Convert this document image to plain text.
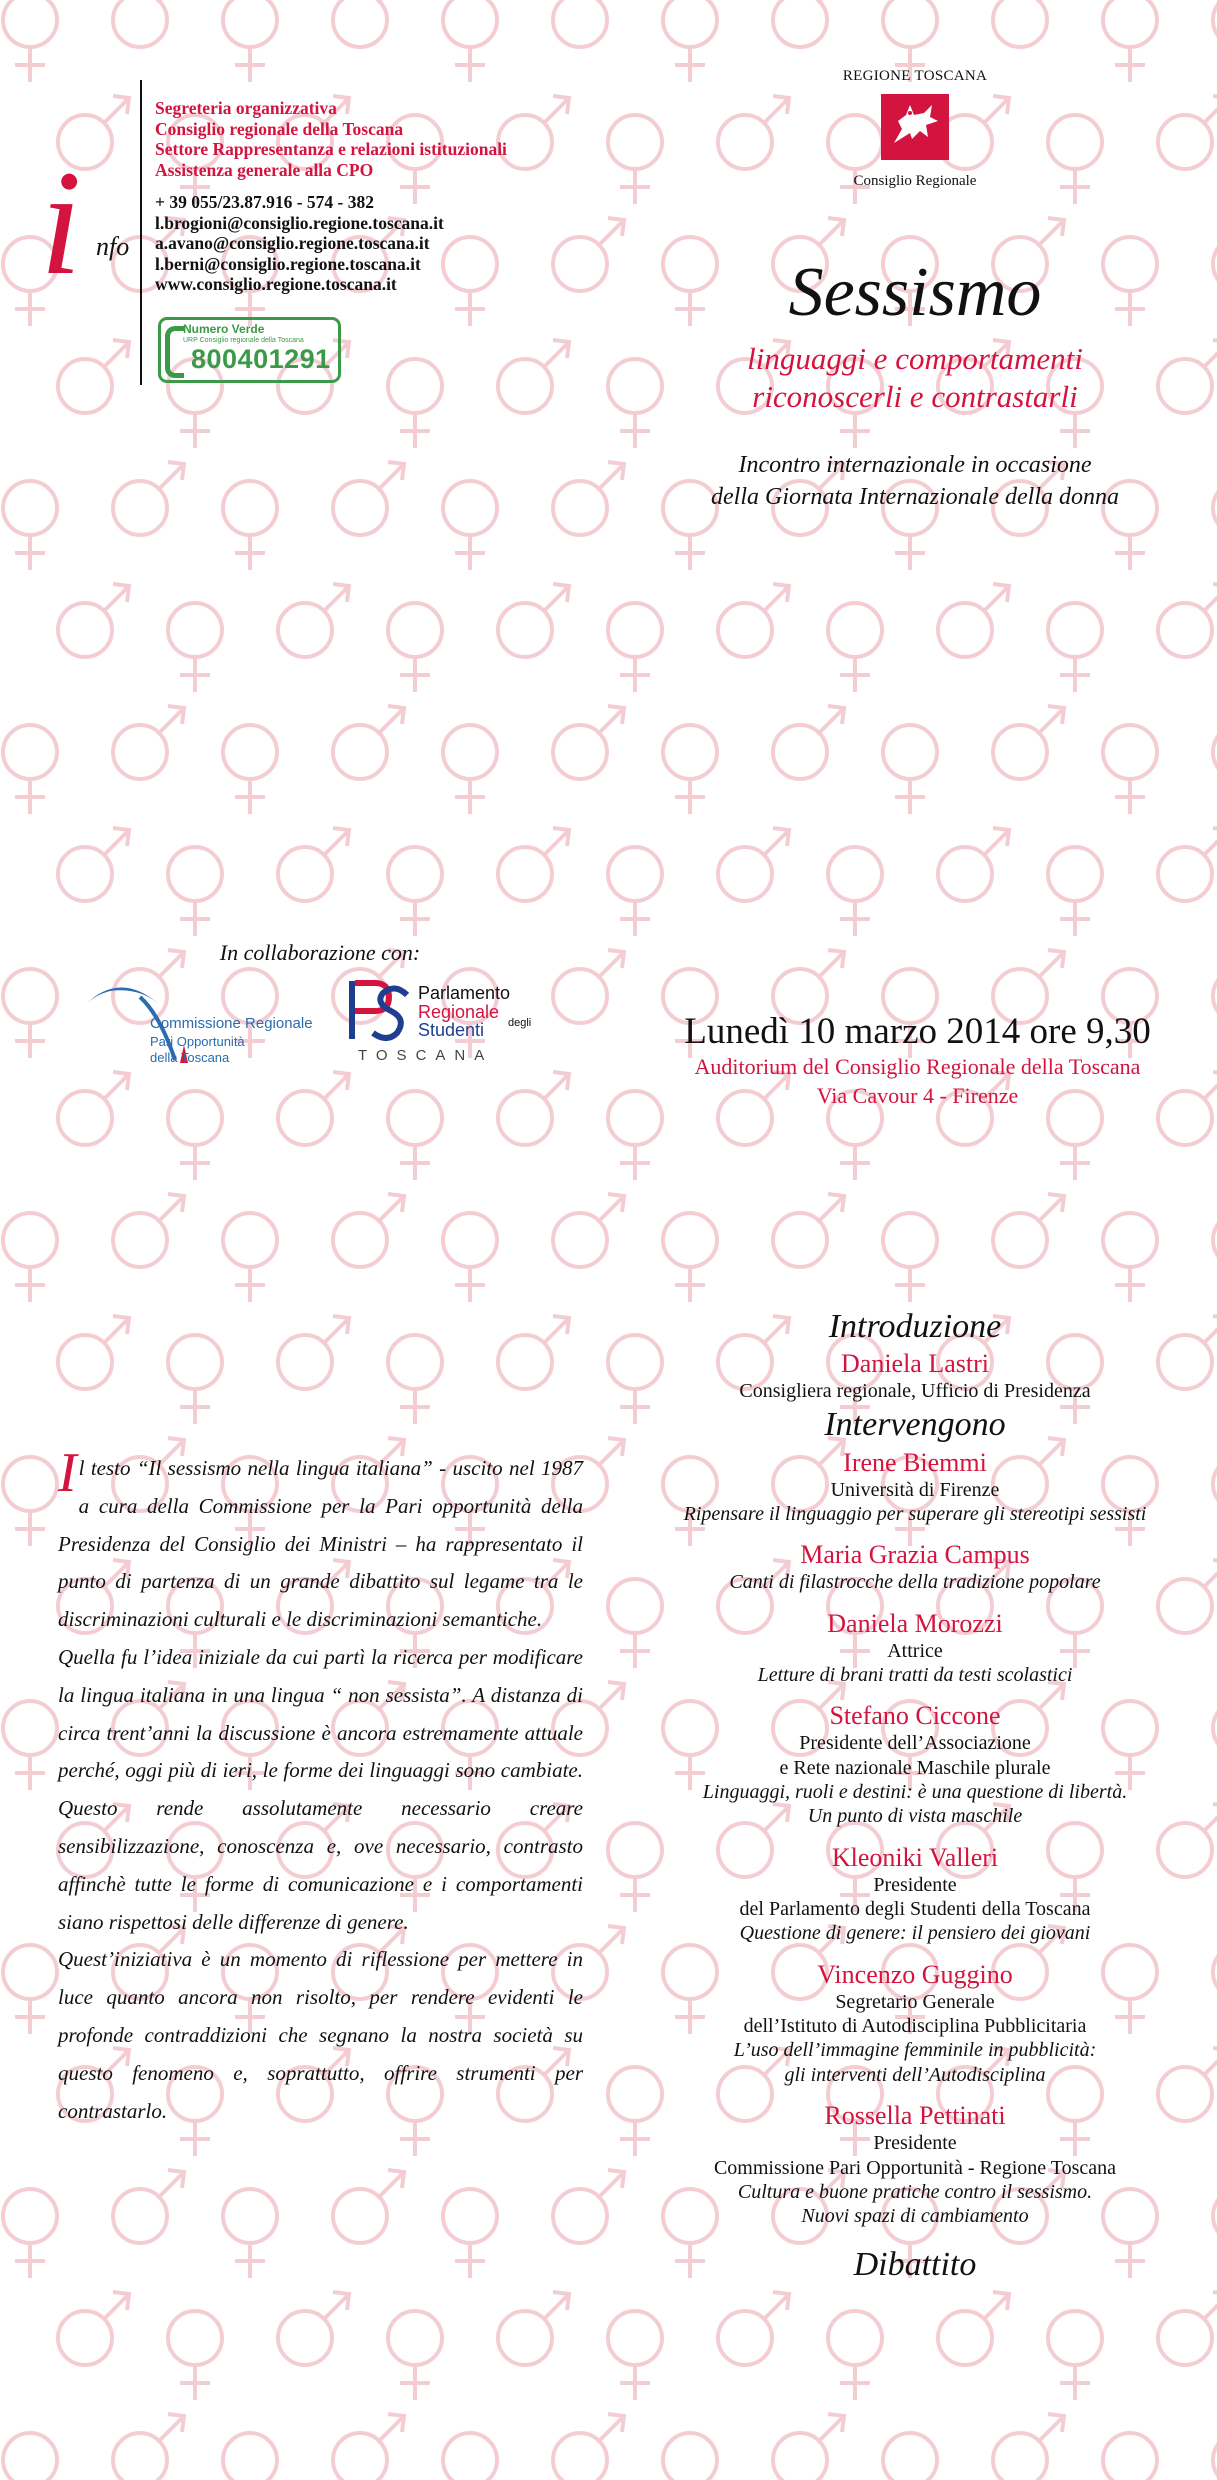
i nfo
Segreteria organizzativa
Consiglio regionale della Toscana
Settore Rappresentanza e relazioni istituzionali
Assistenza generale alla CPO
+ 39 055/23.87.916 - 574 - 382
l.brogioni@consiglio.regione.toscana.it
a.avano@consiglio.regione.toscana.it
l.berni@consiglio.regione.toscana.it
www.consiglio.regione.toscana.it
Numero Verde
URP Consiglio regionale della Toscana
800401291
REGIONE TOSCANA
Consiglio Regionale
Sessismo
linguaggi e comportamenti
riconoscerli e contrastarli
Incontro internazionale in occasione
della Giornata Internazionale della donna
In collaborazione con:
Commissione Regionale
Pari Opportunità
della Toscana
Parlamento
Regionale
degli
Studenti
TOSCANA
Lunedì 10 marzo 2014 ore 9,30
Auditorium del Consiglio Regionale della Toscana
Via Cavour 4 - Firenze

Il testo “Il sessismo nella lingua italiana” - uscito nel 1987 a cura della Commissione per la Pari opportunità della Presidenza del Consiglio dei Ministri – ha rappresentato il punto di partenza di un grande dibattito sul legame tra le discriminazioni culturali e le discriminazioni semantiche.

Quella fu l’idea iniziale da cui partì la ricerca per modificare la lingua italiana in una lingua “ non sessista”. A distanza di circa trent’anni la discussione è ancora estremamente attuale perché, oggi più di ieri, le forme dei linguaggi sono cambiate. Questo rende assolutamente necessario creare sensibilizzazione, conoscenza e, ove necessario, contrasto affinchè tutte le forme di comunicazione e i comportamenti siano rispettosi delle differenze di genere.

Quest’iniziativa è un momento di riflessione per mettere in luce quanto ancora non risolto, per rendere evidenti le profonde contraddizioni che segnano la nostra società su questo fenomeno e, soprattutto, offrire strumenti per contrastarlo.

Introduzione

Daniela Lastri

Consigliera regionale, Ufficio di Presidenza

Intervengono

Irene Biemmi

Università di Firenze

Ripensare il linguaggio per superare gli stereotipi sessisti

Maria Grazia Campus

Canti di filastrocche della tradizione popolare

Daniela Morozzi

Attrice

Letture di brani tratti da testi scolastici

Stefano Ciccone

Presidente dell’Associazione

e Rete nazionale Maschile plurale

Linguaggi, ruoli e destini: è una questione di libertà.

Un punto di vista maschile

Kleoniki Valleri

Presidente

del Parlamento degli Studenti della Toscana

Questione di genere: il pensiero dei giovani

Vincenzo Guggino

Segretario Generale

dell’Istituto di Autodisciplina Pubblicitaria

L’uso dell’immagine femminile in pubblicità:

gli interventi dell’Autodisciplina

Rossella Pettinati

Presidente

Commissione Pari Opportunità - Regione Toscana

Cultura e buone pratiche contro il sessismo.

Nuovi spazi di cambiamento

Dibattito
